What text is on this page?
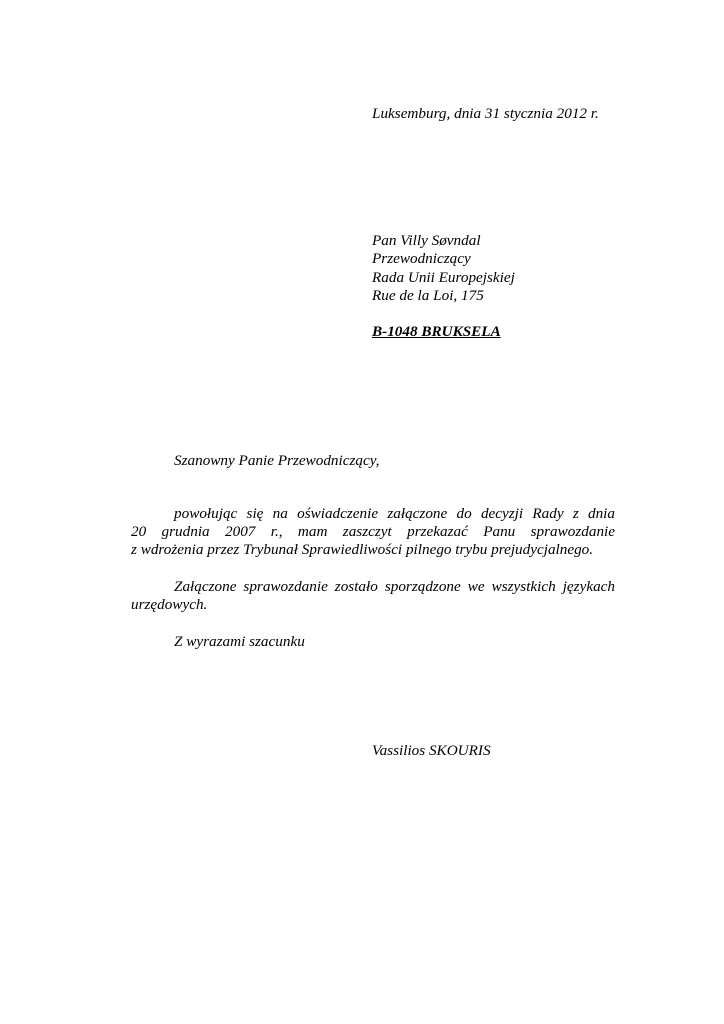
Luksemburg, dnia 31 stycznia 2012 r.
Pan Villy Søvndal
Przewodniczący
Rada Unii Europejskiej
Rue de la Loi, 175
B-1048 BRUKSELA
Szanowny Panie Przewodniczący,
powołując się na oświadczenie załączone do decyzji Rady z dnia
20 grudnia 2007 r., mam zaszczyt przekazać Panu sprawozdanie
z wdrożenia przez Trybunał Sprawiedliwości pilnego trybu prejudycjalnego.
Załączone sprawozdanie zostało sporządzone we wszystkich językach
urzędowych.
Z wyrazami szacunku
Vassilios SKOURIS
